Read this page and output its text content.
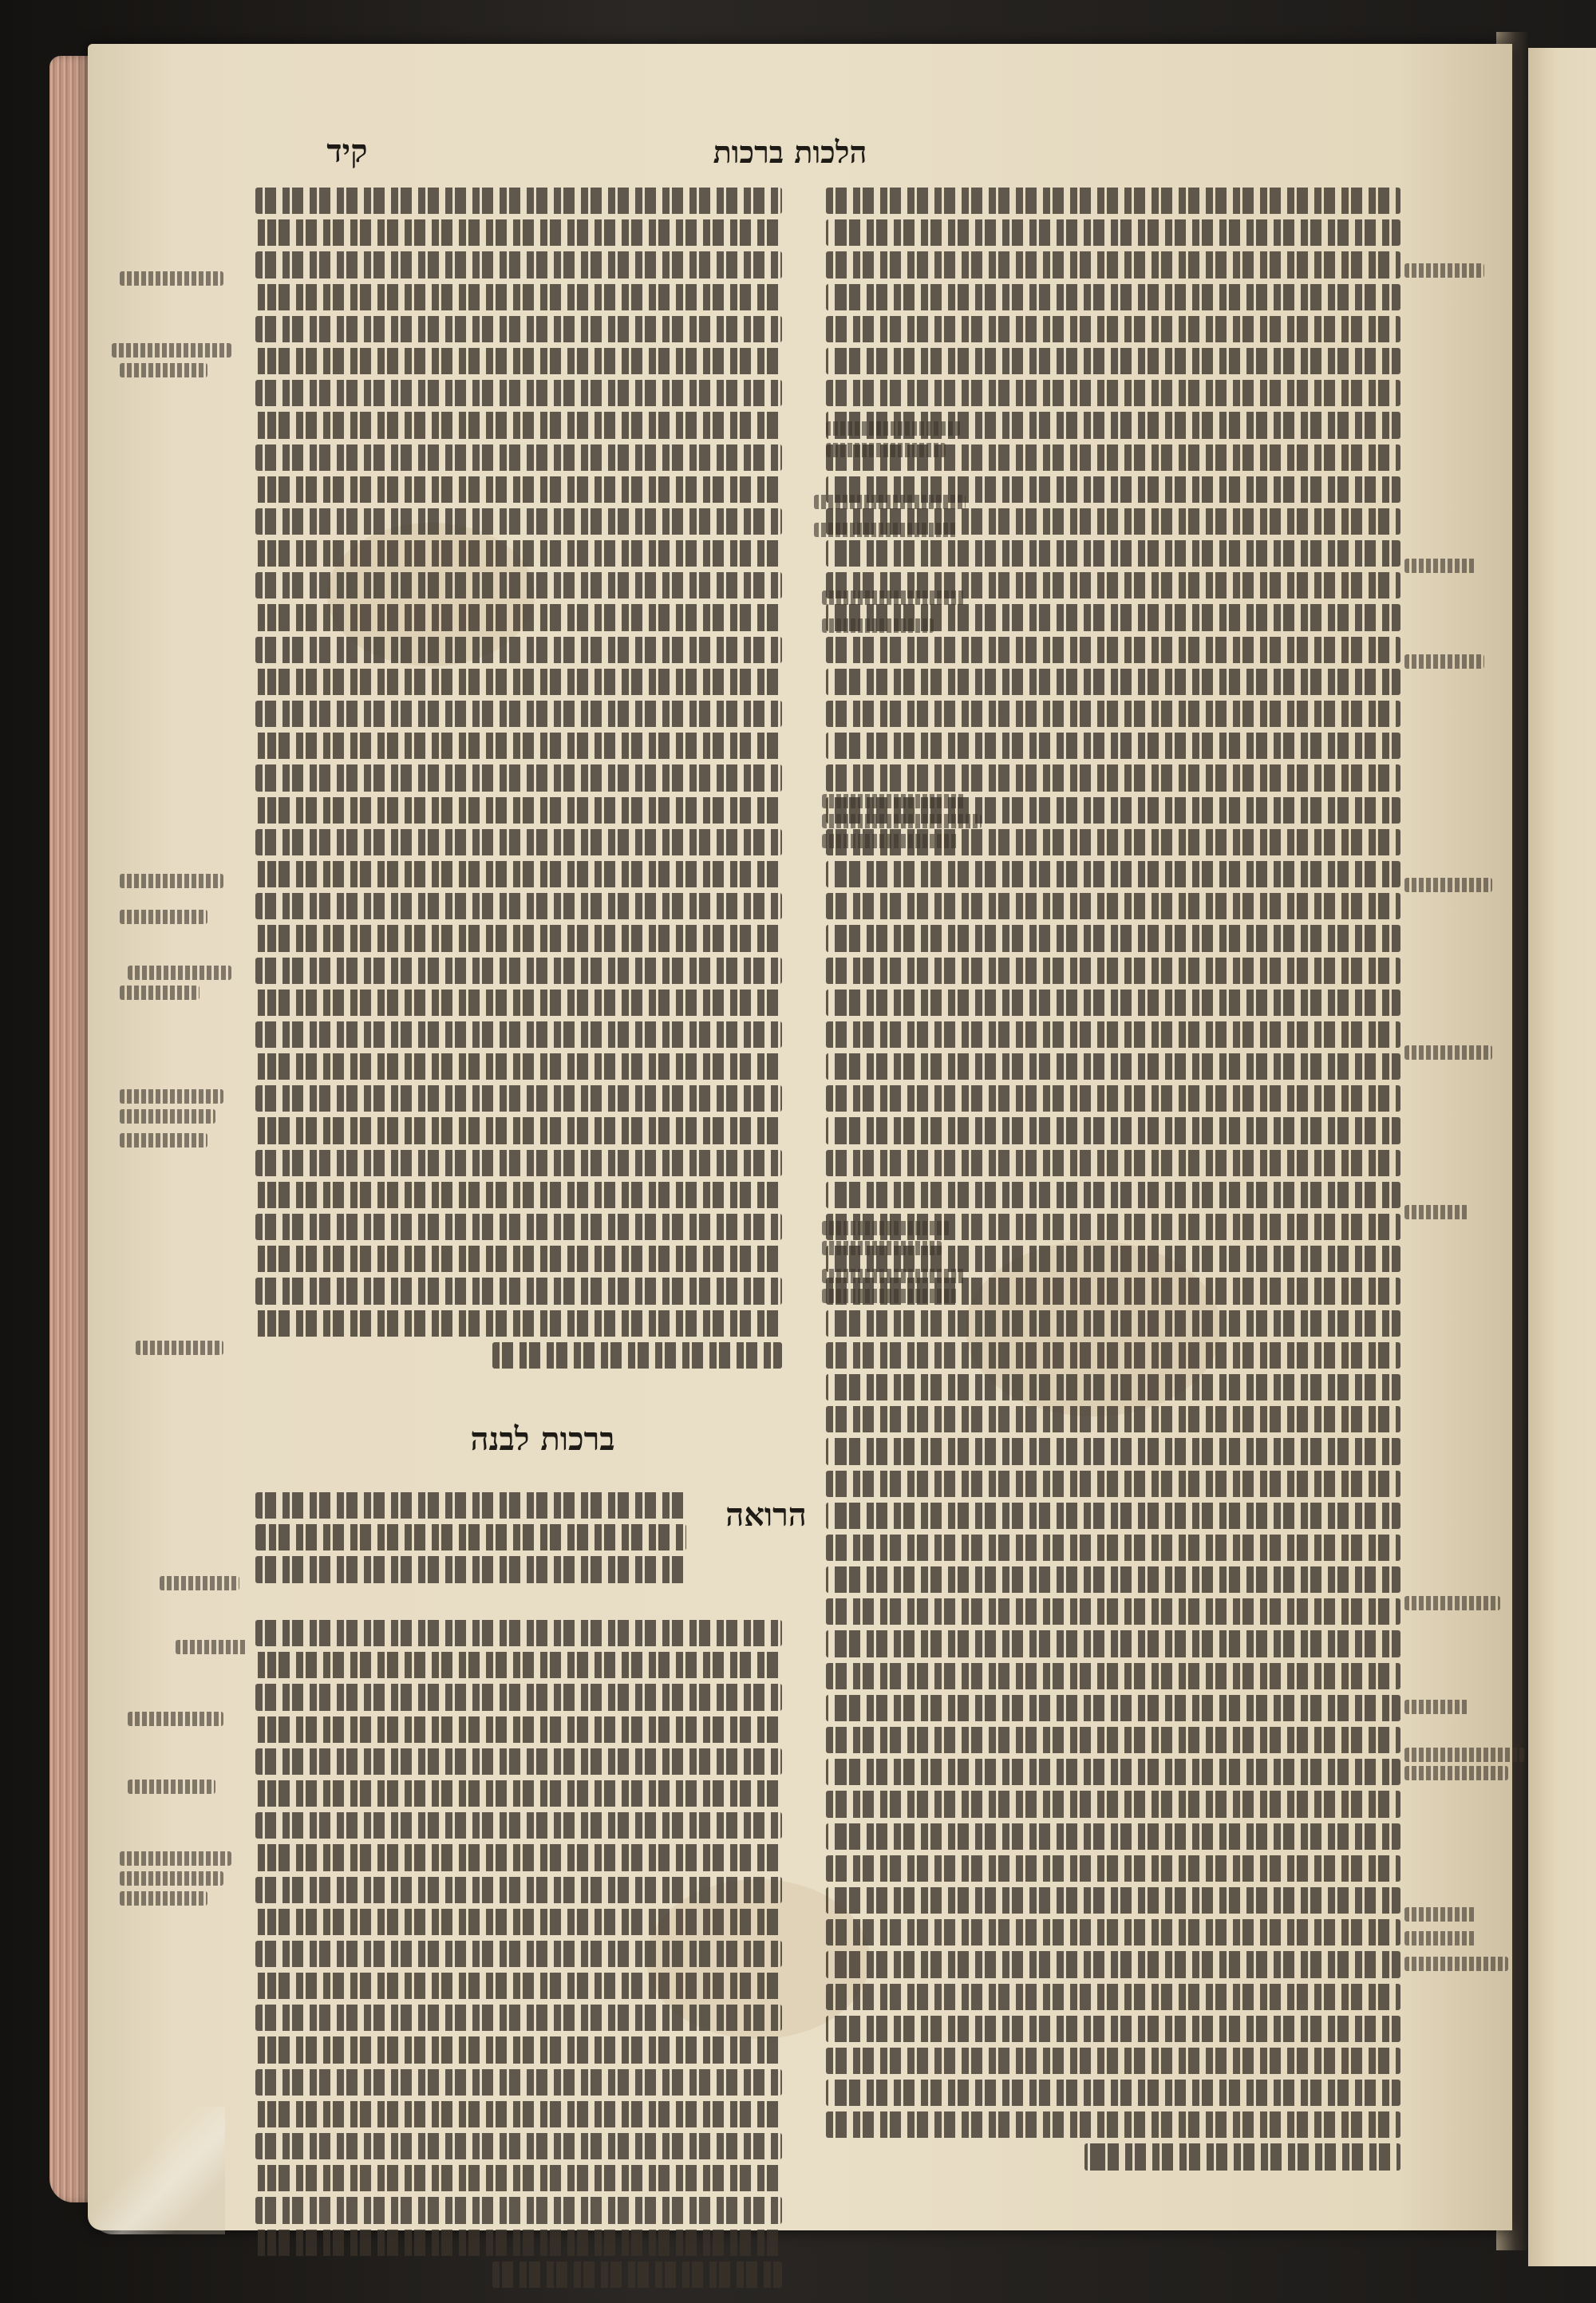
הלכות ברכות
קיד
ברכות לבנה
הרואה
